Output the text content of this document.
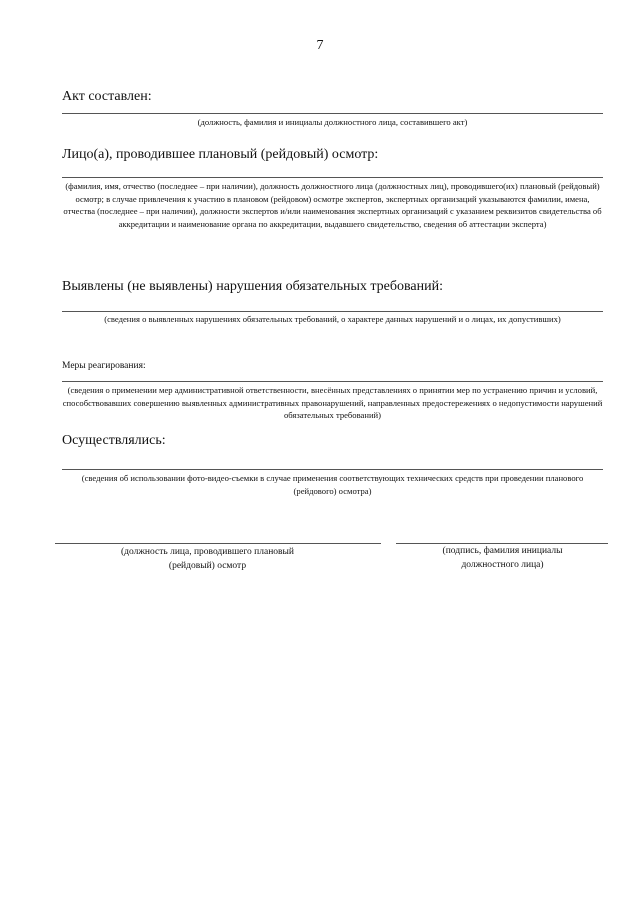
7
Акт составлен:
(должность, фамилия и инициалы должностного лица, составившего акт)
Лицо(а), проводившее плановый (рейдовый) осмотр:
(фамилия, имя, отчество (последнее – при наличии), должность должностного лица (должностных лиц), проводившего(их) плановый (рейдовый) осмотр; в случае привлечения к участию в плановом (рейдовом) осмотре экспертов, экспертных организаций указываются фамилии, имена, отчества (последнее – при наличии), должности экспертов и/или наименования экспертных организаций с указанием реквизитов свидетельства об аккредитации и наименование органа по аккредитации, выдавшего свидетельство, сведения об аттестации эксперта)
Выявлены (не выявлены) нарушения обязательных требований:
(сведения о выявленных нарушениях обязательных требований, о характере данных нарушений и о лицах, их допустивших)
Меры реагирования:
(сведения о применении мер административной ответственности, внесённых представлениях о принятии мер по устранению причин и условий, способствовавших совершению выявленных административных правонарушений, направленных предостережениях о недопустимости нарушений обязательных требований)
Осуществлялись:
(сведения об использовании фото-видео-съемки в случае применения соответствующих технических средств при проведении планового (рейдового) осмотра)
(должность лица, проводившего плановый (рейдовый) осмотр
(подпись, фамилия инициалы должностного лица)
